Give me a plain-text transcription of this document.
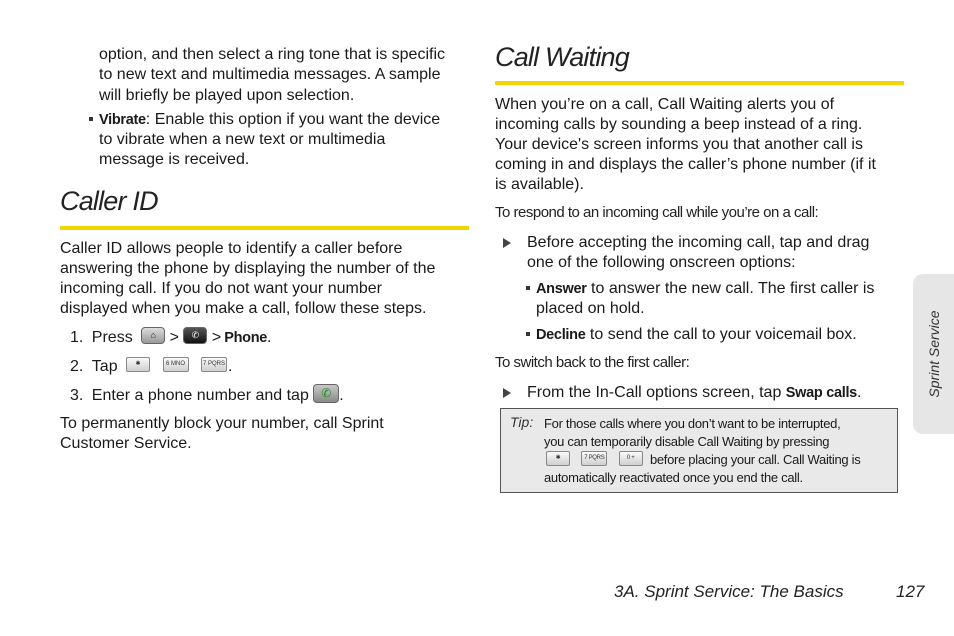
option, and then select a ring tone that is specific

to new text and multimedia messages. A sample

will briefly be played upon selection.

Vibrate: Enable this option if you want the device

to vibrate when a new text or multimedia

message is received.

Caller ID

Caller ID allows people to identify a caller before

answering the phone by displaying the number of the

incoming call. If you do not want your number

displayed when you make a call, follow these steps.

1. Press ⌂ > ✆ > Phone.

2. Tap	✱	6 MNO	7 PQRS .

3. Enter a phone number and tap ✆ .

To permanently block your number, call Sprint

Customer Service.

Call Waiting

When you’re on a call, Call Waiting alerts you of

incoming calls by sounding a beep instead of a ring.

Your device's screen informs you that another call is

coming in and displays the caller’s phone number (if it

is available).

To respond to an incoming call while you’re on a call:

Before accepting the incoming call, tap and drag

one of the following onscreen options:

Answer to answer the new call. The first caller is

placed on hold.

Decline to send the call to your voicemail box.

To switch back to the first caller:

From the In-Call options screen, tap Swap calls.

Tip: For those calls where you don’t want to be interrupted,
you can temporarily disable Call Waiting by pressing
✱	7 PQRS	0 + before placing your call. Call Waiting is
automatically reactivated once you end the call.
Sprint Service
3A. Sprint Service: The Basics	127
